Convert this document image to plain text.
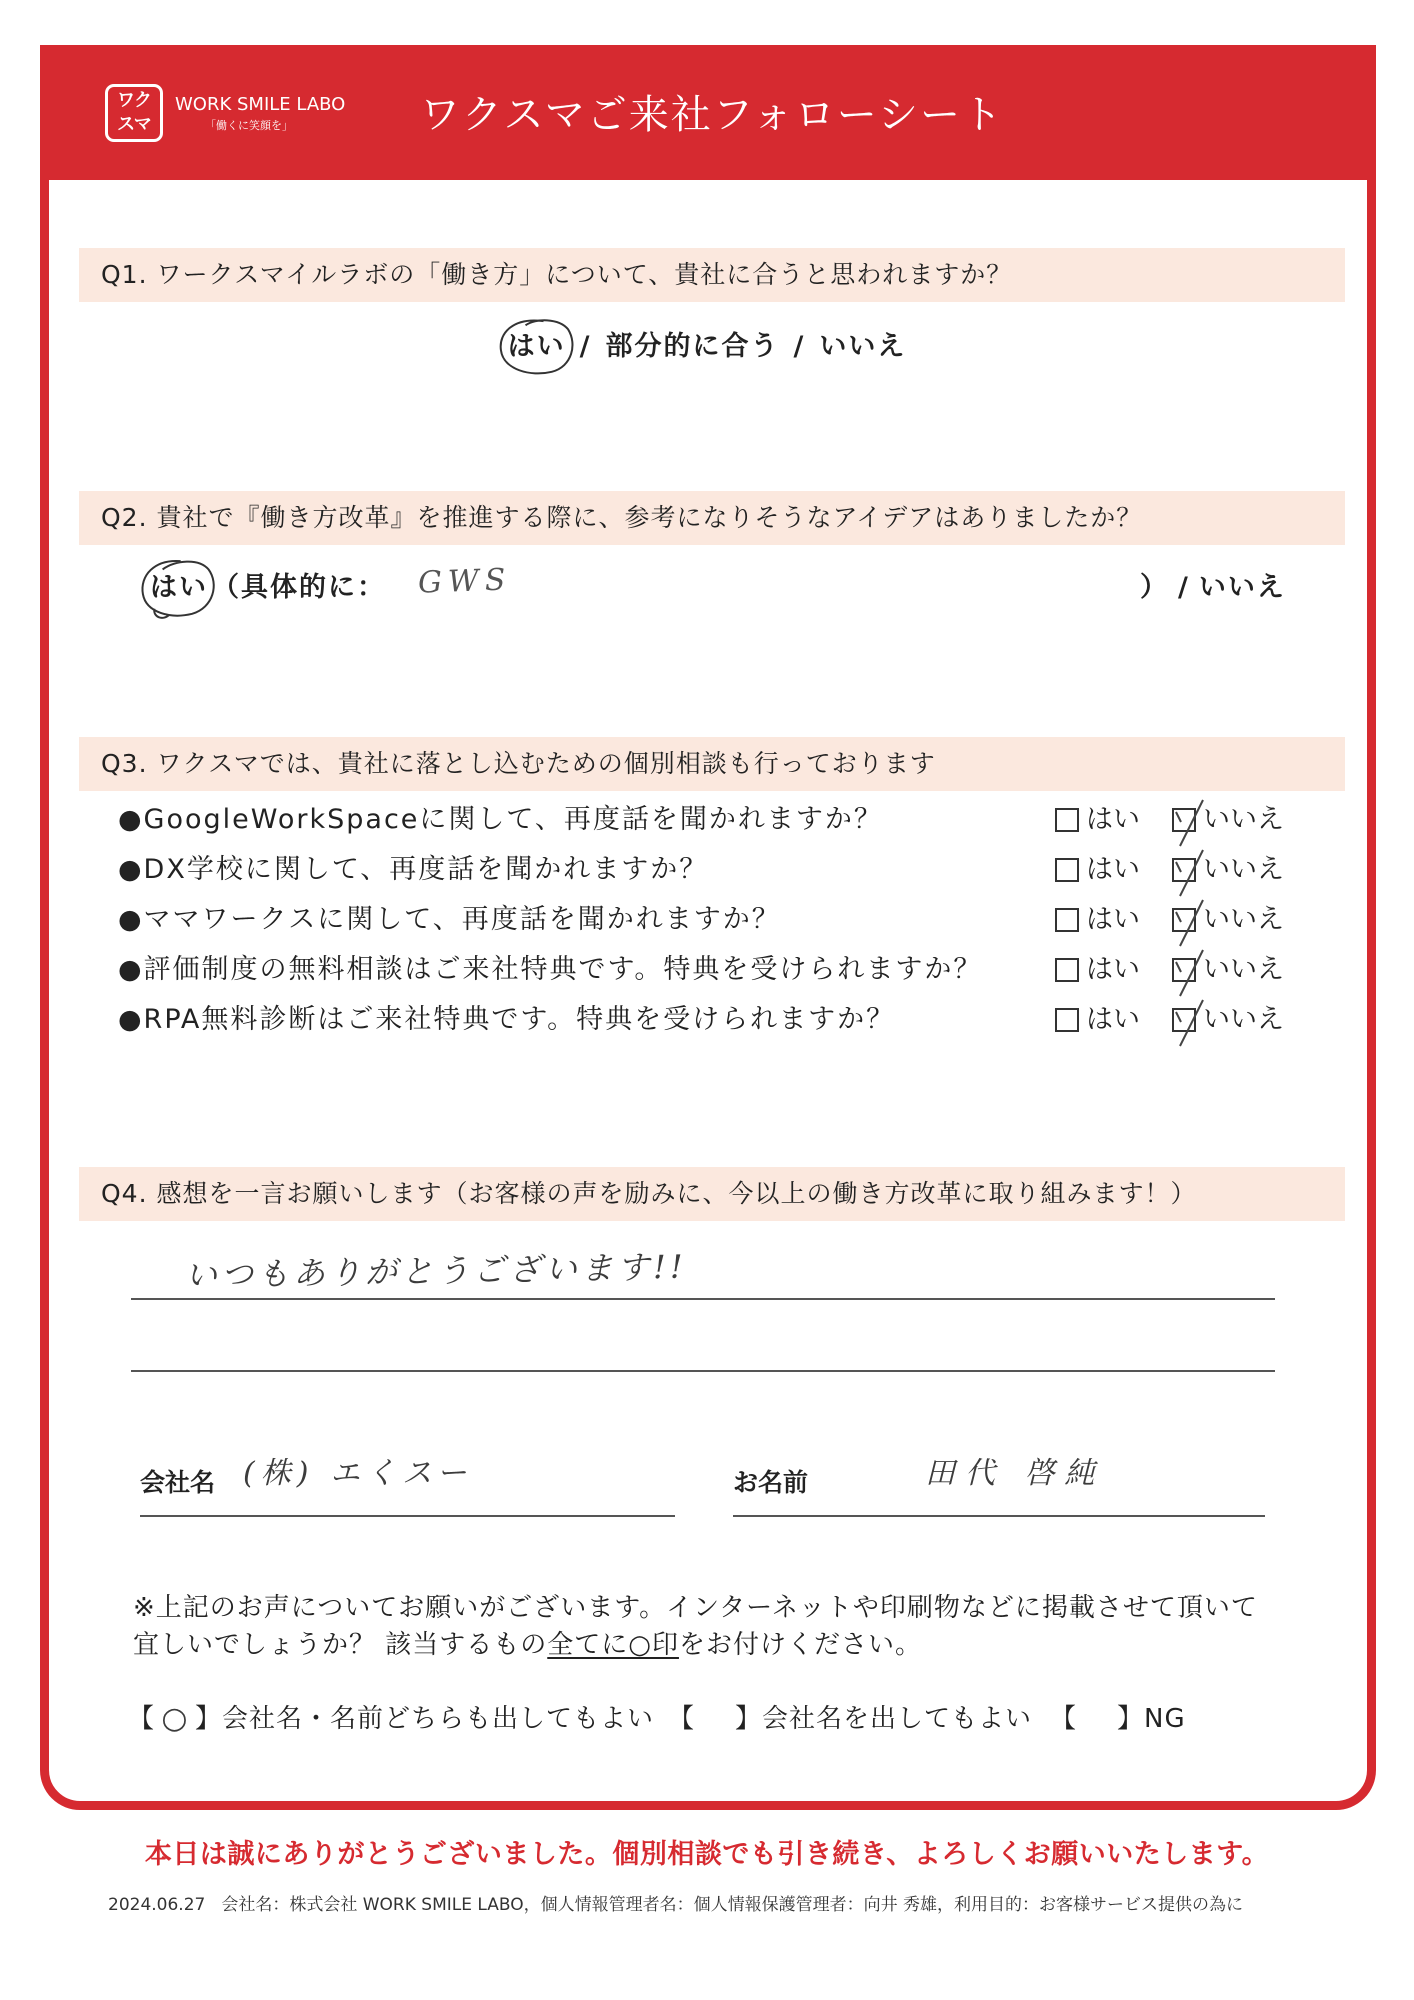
ワク
スマ
WORK SMILE LABO
「働くに笑顔を」	ワクスマご来社フォローシート
Q1. ワークスマイルラボの「働き方」について、貴社に合うと思われますか？
はい / 部分的に合う / いいえ
Q2. 貴社で『働き方改革』を推進する際に、参考になりそうなアイデアはありましたか？
はい （具体的に： GWS	） / いいえ
Q3. ワクスマでは、貴社に落とし込むための個別相談も行っております
●GoogleWorkSpaceに関して、再度話を聞かれますか？	はい いいえ
●DX学校に関して、再度話を聞かれますか？	はい いいえ
●ママワークスに関して、再度話を聞かれますか？	はい いいえ
●評価制度の無料相談はご来社特典です。特典を受けられますか？	はい いいえ
●RPA無料診断はご来社特典です。特典を受けられますか？	はい いいえ
Q4. 感想を一言お願いします（お客様の声を励みに、今以上の働き方改革に取り組みます！）
いつもありがとうございます!!
会社名 (株) エくスー	お名前	田代 啓純
※上記のお声についてお願いがございます。インターネットや印刷物などに掲載させて頂いて
宜しいでしょうか？ 該当するもの全てに○印をお付けください。
【 ○ 】 会社名・名前どちらも出してもよい 【 】 会社名を出してもよい 【 】 NG
本日は誠にありがとうございました。個別相談でも引き続き、よろしくお願いいたします。
2024.06.27 会社名：株式会社 WORK SMILE LABO，個人情報管理者名：個人情報保護管理者：向井 秀雄，利用目的：お客様サービス提供の為に
